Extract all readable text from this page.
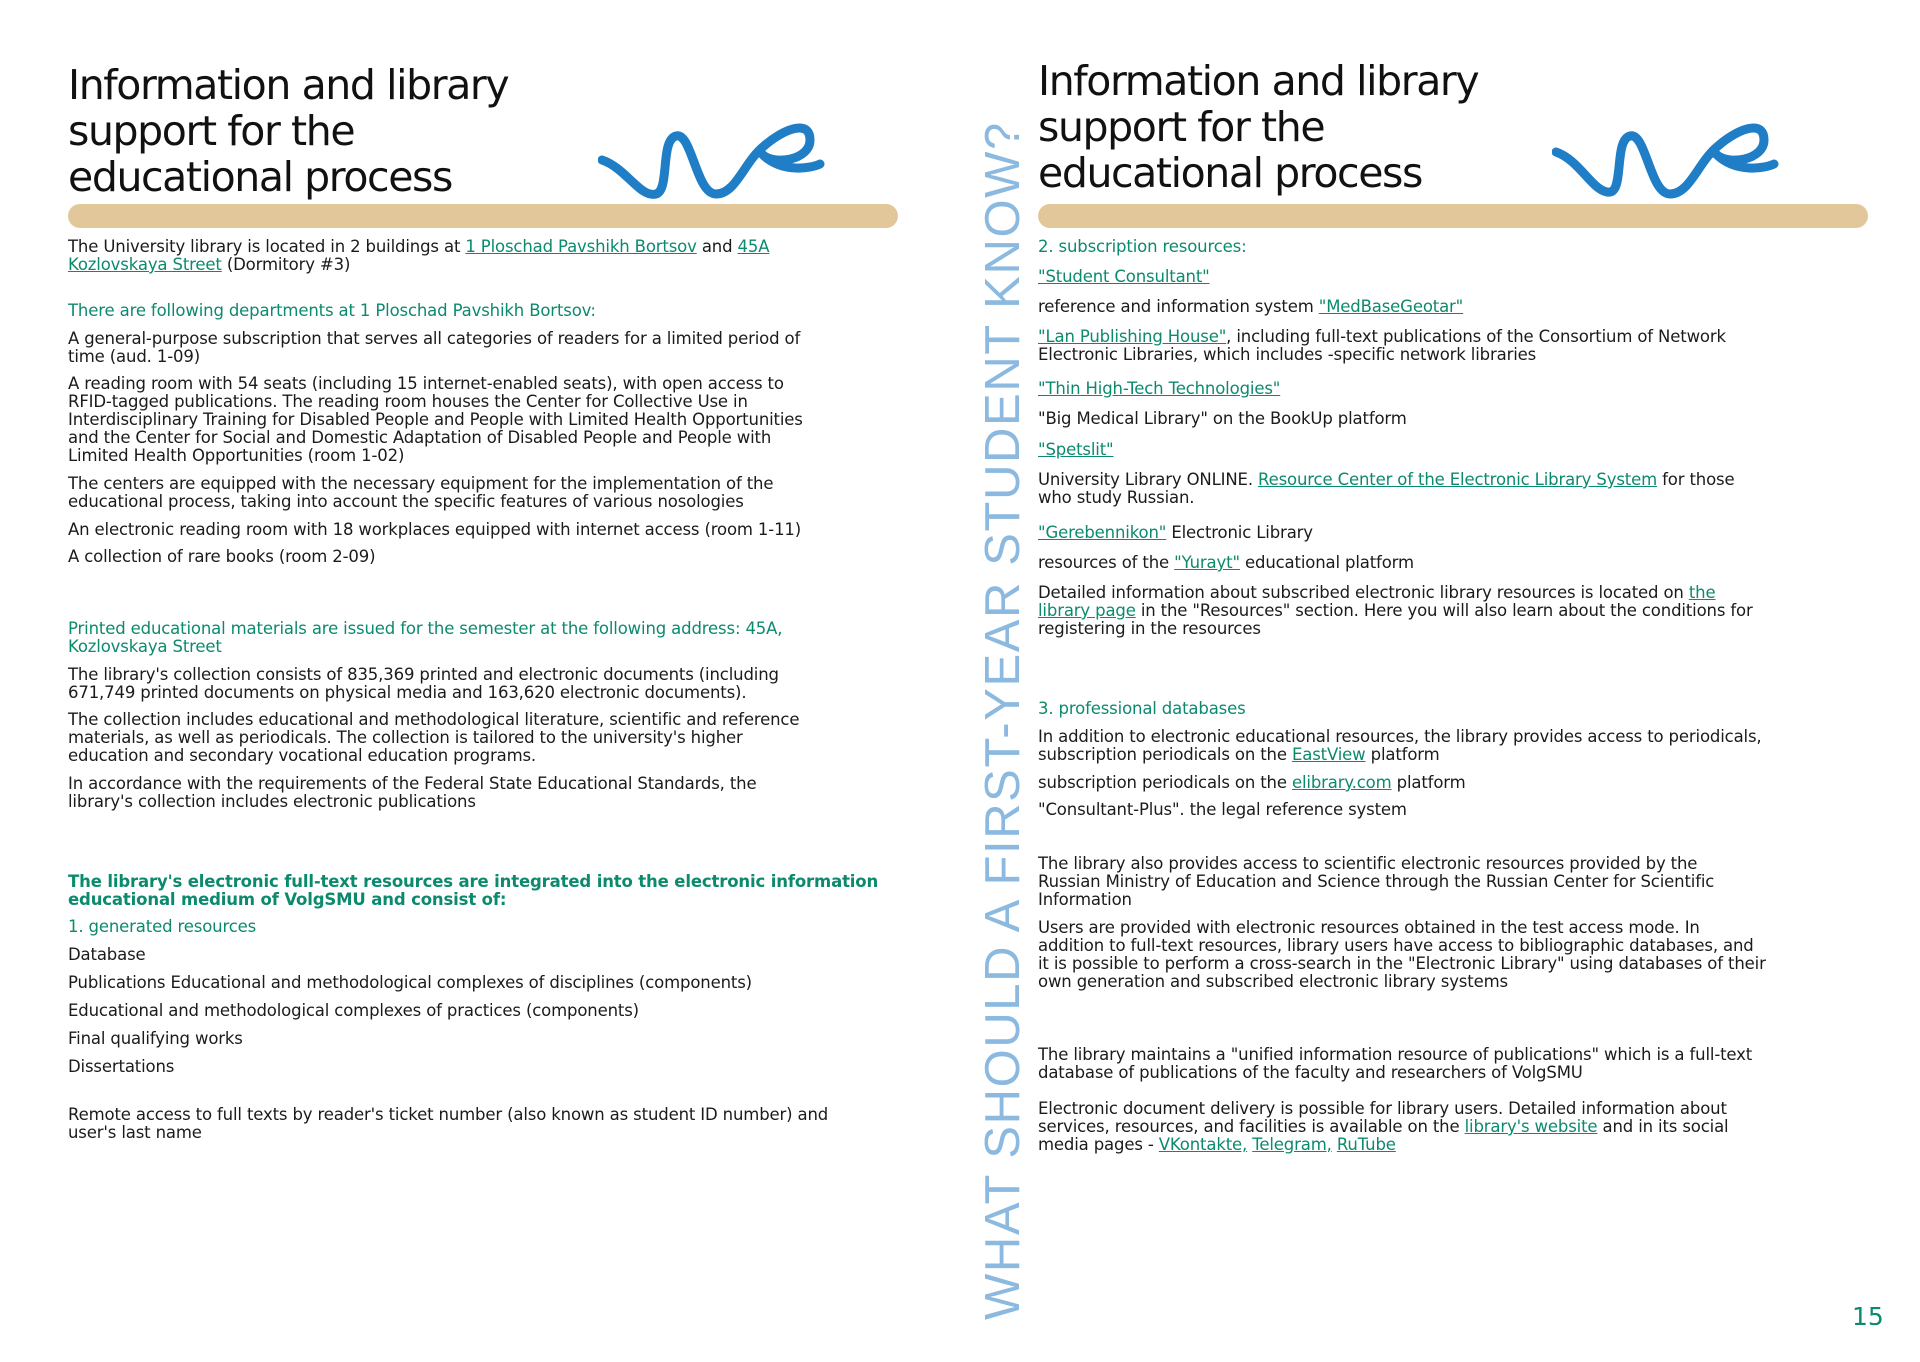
Information and library
support for the
educational process

The University library is located in 2 buildings at 1 Ploschad Pavshikh Bortsov and 45A
Kozlovskaya Street (Dormitory #3)

There are following departments at 1 Ploschad Pavshikh Bortsov:

A general-purpose subscription that serves all categories of readers for a limited period of
time (aud. 1-09)

A reading room with 54 seats (including 15 internet-enabled seats), with open access to
RFID-tagged publications. The reading room houses the Center for Collective Use in
Interdisciplinary Training for Disabled People and People with Limited Health Opportunities
and the Center for Social and Domestic Adaptation of Disabled People and People with
Limited Health Opportunities (room 1-02)

The centers are equipped with the necessary equipment for the implementation of the
educational process, taking into account the specific features of various nosologies

An electronic reading room with 18 workplaces equipped with internet access (room 1-11)

A collection of rare books (room 2-09)

Printed educational materials are issued for the semester at the following address: 45A,
Kozlovskaya Street

The library's collection consists of 835,369 printed and electronic documents (including
671,749 printed documents on physical media and 163,620 electronic documents).

The collection includes educational and methodological literature, scientific and reference
materials, as well as periodicals. The collection is tailored to the university's higher
education and secondary vocational education programs.

In accordance with the requirements of the Federal State Educational Standards, the
library's collection includes electronic publications

The library's electronic full-text resources are integrated into the electronic information
educational medium of VolgSMU and consist of:

1. generated resources

Database

Publications Educational and methodological complexes of disciplines (components)

Educational and methodological complexes of practices (components)

Final qualifying works

Dissertations

Remote access to full texts by reader's ticket number (also known as student ID number) and
user's last name	WHAT SHOULD A FIRST-YEAR STUDENT KNOW?
Information and library
support for the
educational process

2. subscription resources:

"Student Consultant"

reference and information system "MedBaseGeotar"

"Lan Publishing House", including full-text publications of the Consortium of Network
Electronic Libraries, which includes -specific network libraries

"Thin High-Tech Technologies"

"Big Medical Library" on the BookUp platform

"Spetslit"

University Library ONLINE. Resource Center of the Electronic Library System for those
who study Russian.

"Gerebennikon" Electronic Library

resources of the "Yurayt" educational platform

Detailed information about subscribed electronic library resources is located on the
library page in the "Resources" section. Here you will also learn about the conditions for
registering in the resources

3. professional databases

In addition to electronic educational resources, the library provides access to periodicals,
subscription periodicals on the EastView platform

subscription periodicals on the elibrary.com platform

"Consultant-Plus". the legal reference system

The library also provides access to scientific electronic resources provided by the
Russian Ministry of Education and Science through the Russian Center for Scientific
Information

Users are provided with electronic resources obtained in the test access mode. In
addition to full-text resources, library users have access to bibliographic databases, and
it is possible to perform a cross-search in the "Electronic Library" using databases of their
own generation and subscribed electronic library systems

The library maintains a "unified information resource of publications" which is a full-text
database of publications of the faculty and researchers of VolgSMU

Electronic document delivery is possible for library users. Detailed information about
services, resources, and facilities is available on the library's website and in its social
media pages - VKontakte, Telegram, RuTube

15
